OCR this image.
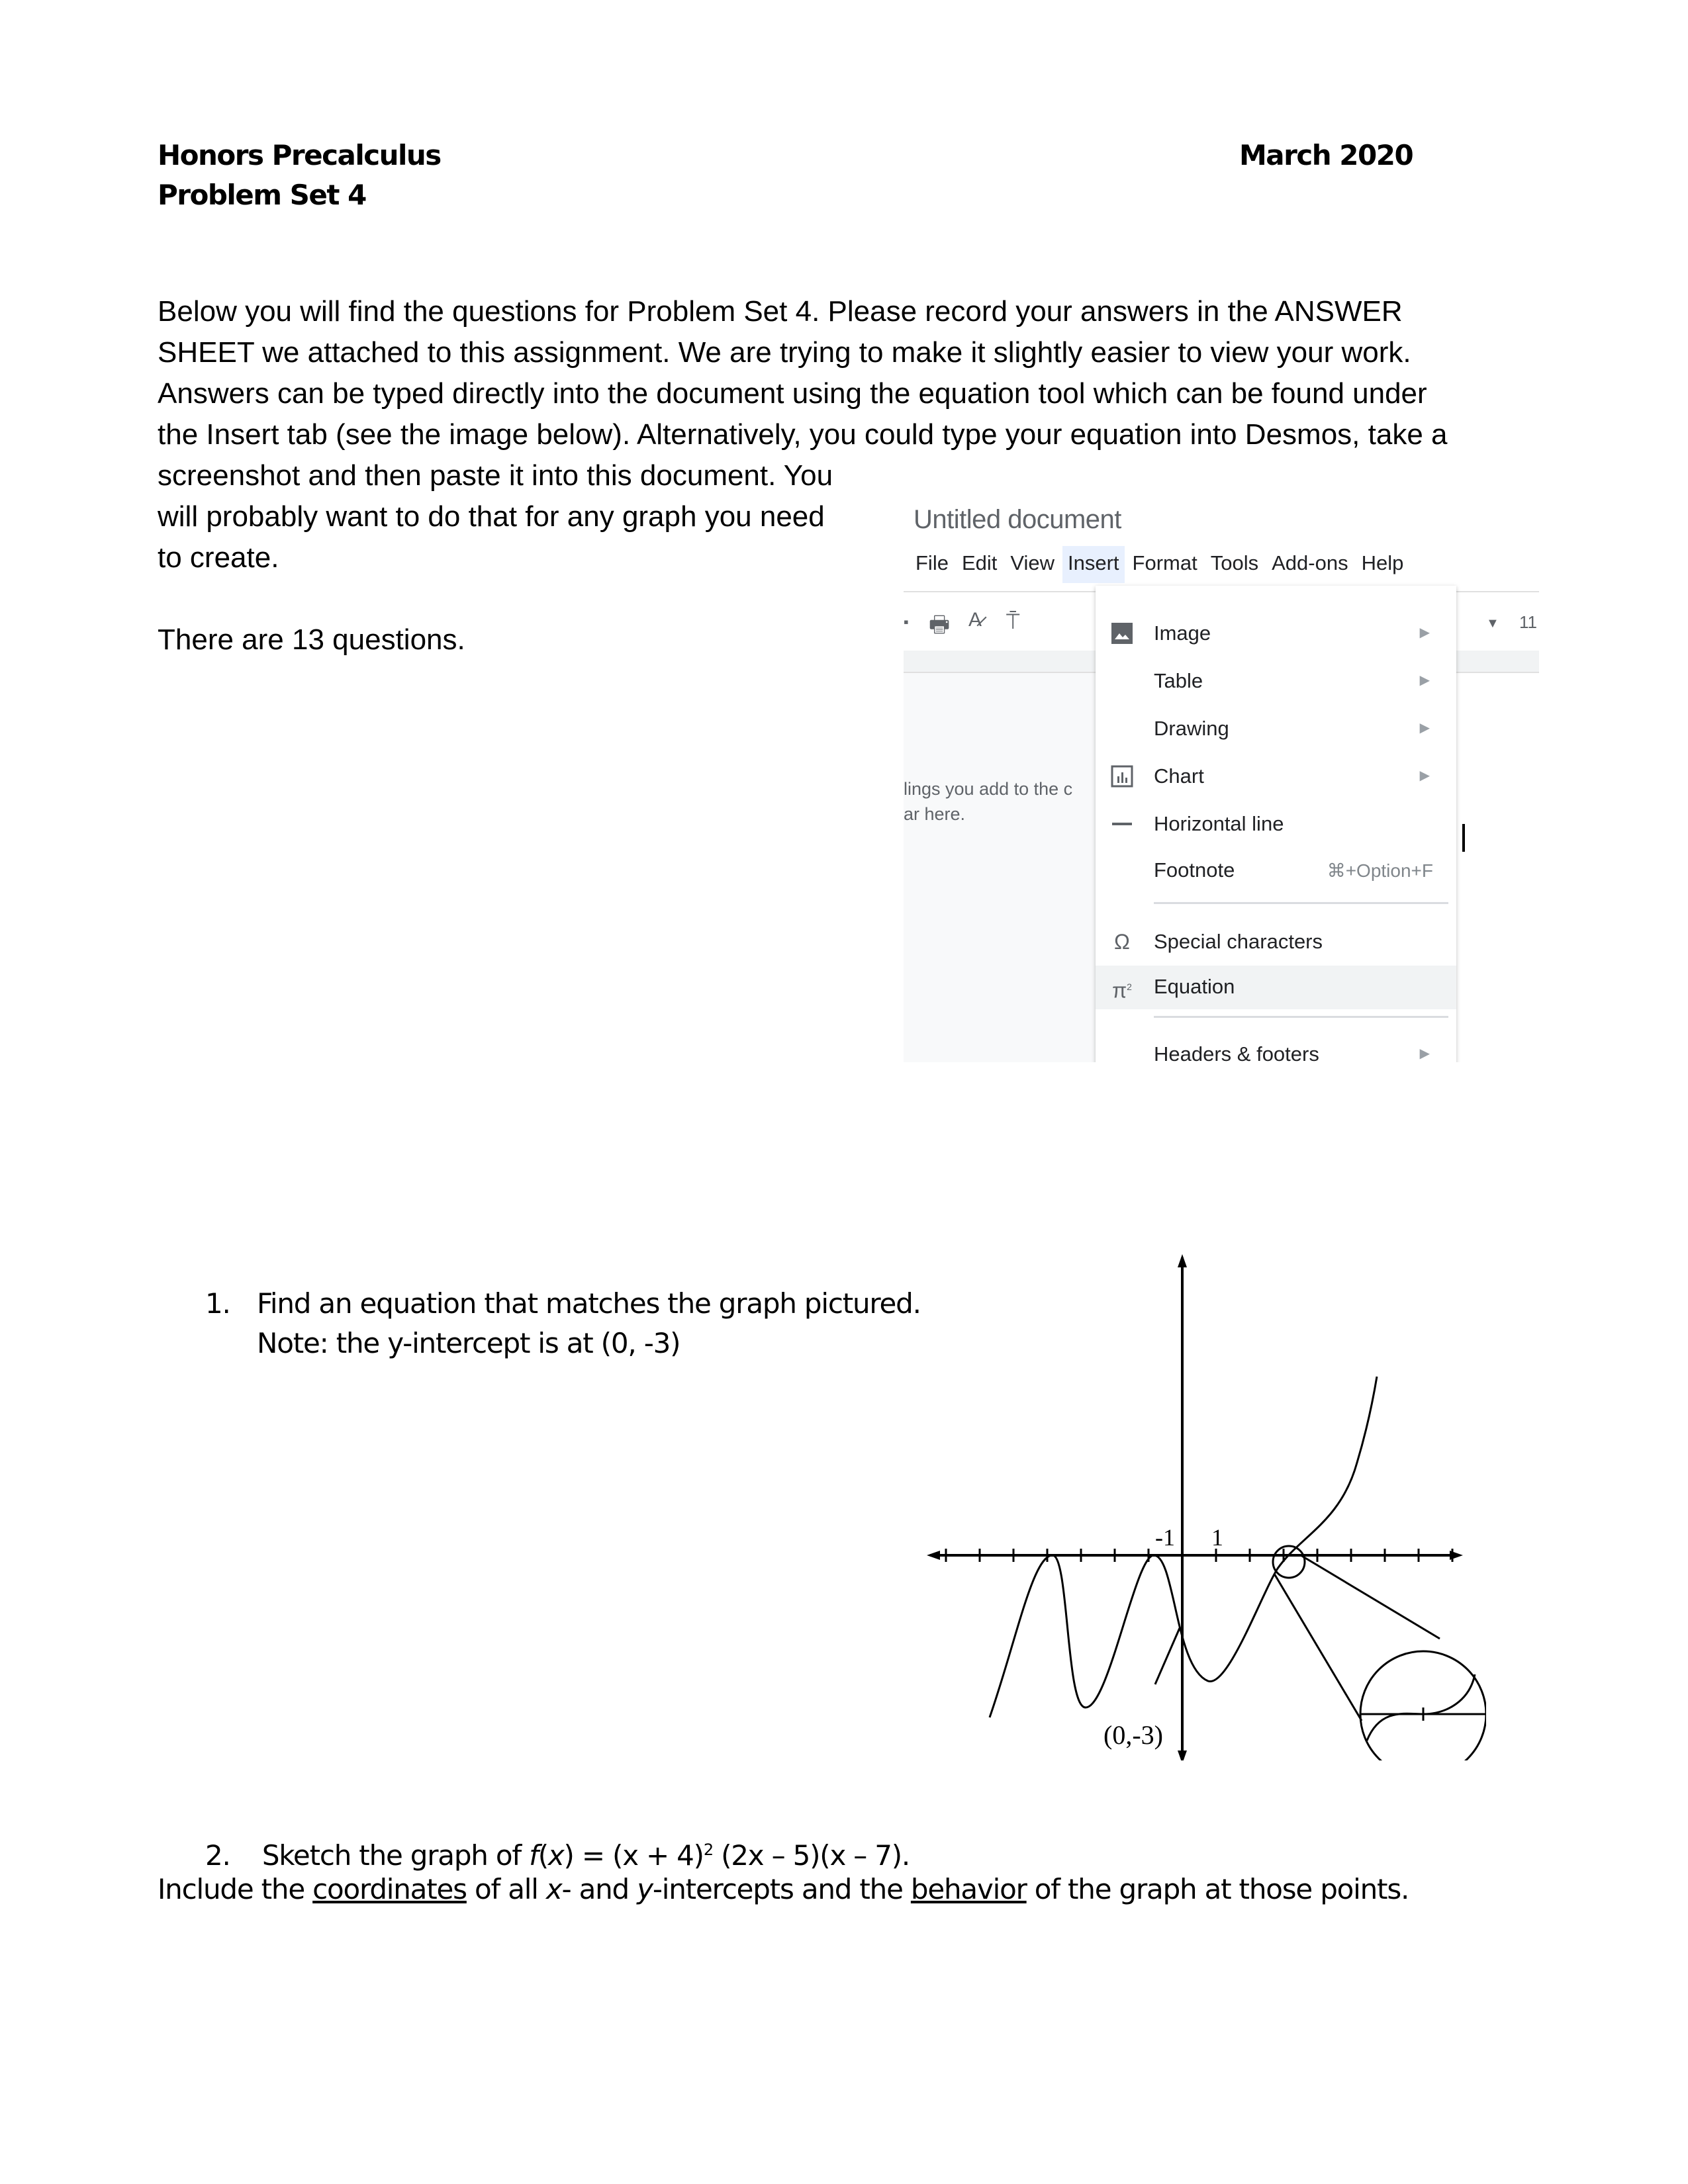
Honors Precalculus
Problem Set 4
March 2020
Below you will find the questions for Problem Set 4. Please record your answers in the ANSWER
SHEET we attached to this assignment. We are trying to make it slightly easier to view your work.
Answers can be typed directly into the document using the equation tool which can be found under
the Insert tab (see the image below). Alternatively, you could type your equation into Desmos, take a
screenshot and then paste it into this document. You
will probably want to do that for any graph you need
to create.
There are 13 questions.
Untitled document
File Edit View Insert Format Tools Add-ons Help
▪ 🖶 A̷ ⍑	▼ 11
lings you add to the c
ar here.
Image	▶
Table	▶
Drawing	▶
Chart	▶
Horizontal line
Footnote	⌘+Option+F
Ω Special characters
$\pi^2$ Equation
Headers & footers	▶
1. Find an equation that matches the graph pictured.
Note: the y-intercept is at (0, -3)
-1 1
(0,-3)
2. Sketch the graph of $f(x) = (x + 4)^2$ (2x – 5)(x – 7).
Include the coordinates of all x- and y-intercepts and the behavior of the graph at those points.
